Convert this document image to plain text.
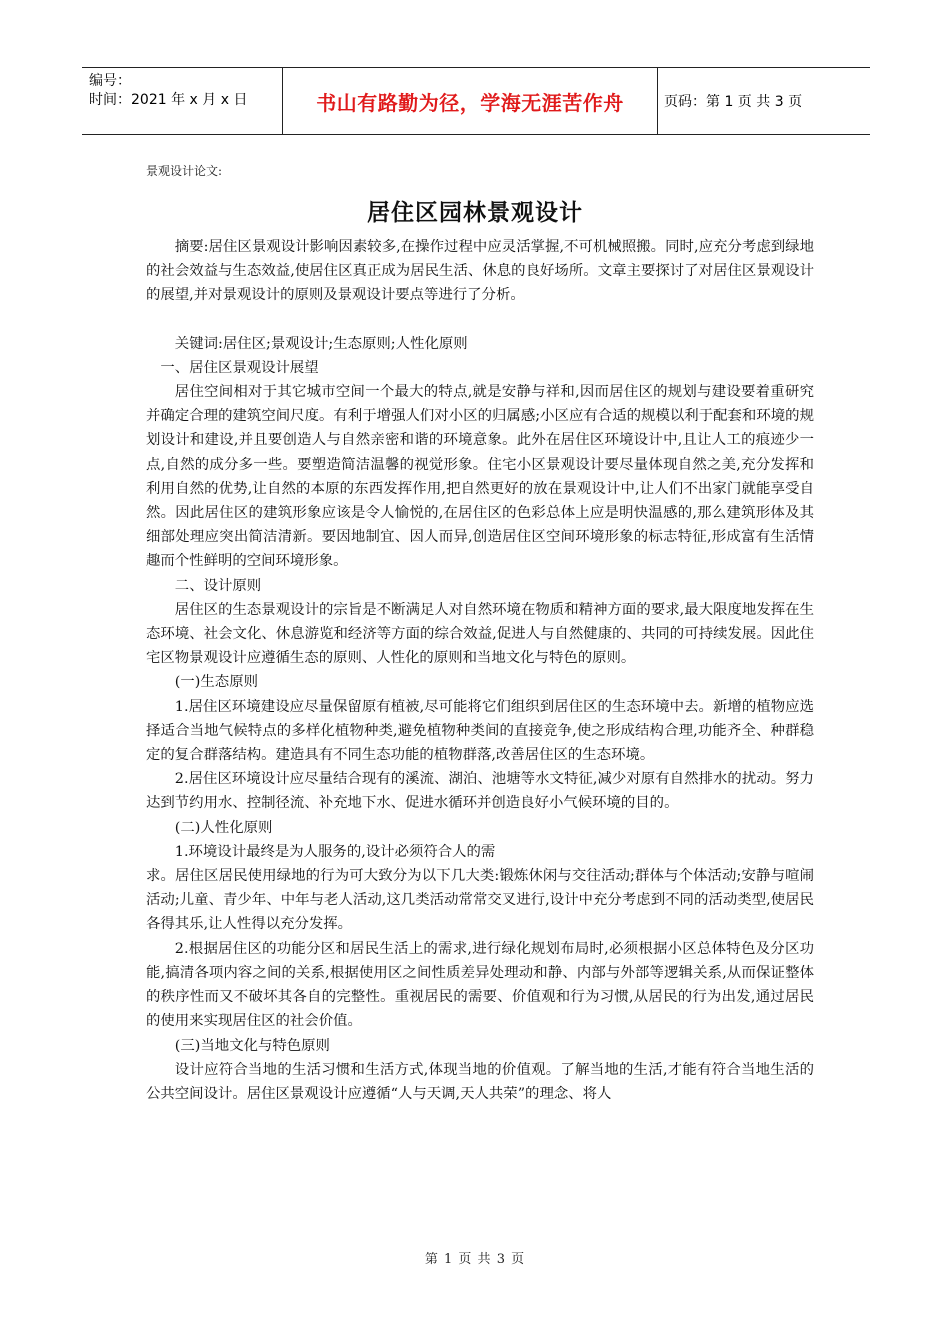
编号：
时间：2021 年 x 月 x 日	书山有路勤为径，学海无涯苦作舟	页码：第 1 页 共 3 页
景观设计论文:
居住区园林景观设计

摘要:居住区景观设计影响因素较多,在操作过程中应灵活掌握,不可机械照搬。同时,应充分考虑到绿地的社会效益与生态效益,使居住区真正成为居民生活、休息的良好场所。文章主要探讨了对居住区景观设计的展望,并对景观设计的原则及景观设计要点等进行了分析。

关键词:居住区;景观设计;生态原则;人性化原则

一、居住区景观设计展望

居住空间相对于其它城市空间一个最大的特点,就是安静与祥和,因而居住区的规划与建设要着重研究并确定合理的建筑空间尺度。有利于增强人们对小区的归属感;小区应有合适的规模以利于配套和环境的规划设计和建设,并且要创造人与自然亲密和谐的环境意象。此外在居住区环境设计中,且让人工的痕迹少一点,自然的成分多一些。要塑造简洁温馨的视觉形象。住宅小区景观设计要尽量体现自然之美,充分发挥和利用自然的优势,让自然的本原的东西发挥作用,把自然更好的放在景观设计中,让人们不出家门就能享受自然。因此居住区的建筑形象应该是令人愉悦的,在居住区的色彩总体上应是明快温感的,那么建筑形体及其细部处理应突出简洁清新。要因地制宜、因人而异,创造居住区空间环境形象的标志特征,形成富有生活情趣而个性鲜明的空间环境形象。

二、设计原则

居住区的生态景观设计的宗旨是不断满足人对自然环境在物质和精神方面的要求,最大限度地发挥在生态环境、社会文化、休息游览和经济等方面的综合效益,促进人与自然健康的、共同的可持续发展。因此住宅区物景观设计应遵循生态的原则、人性化的原则和当地文化与特色的原则。

(一)生态原则

1.居住区环境建设应尽量保留原有植被,尽可能将它们组织到居住区的生态环境中去。新增的植物应选择适合当地气候特点的多样化植物种类,避免植物种类间的直接竞争,使之形成结构合理,功能齐全、种群稳定的复合群落结构。建造具有不同生态功能的植物群落,改善居住区的生态环境。

2.居住区环境设计应尽量结合现有的溪流、湖泊、池塘等水文特征,减少对原有自然排水的扰动。努力达到节约用水、控制径流、补充地下水、促进水循环并创造良好小气候环境的目的。

(二)人性化原则

1.环境设计最终是为人服务的,设计必须符合人的需

求。居住区居民使用绿地的行为可大致分为以下几大类:锻炼休闲与交往活动;群体与个体活动;安静与喧闹活动;儿童、青少年、中年与老人活动,这几类活动常常交叉进行,设计中充分考虑到不同的活动类型,使居民各得其乐,让人性得以充分发挥。

2.根据居住区的功能分区和居民生活上的需求,进行绿化规划布局时,必须根据小区总体特色及分区功能,搞清各项内容之间的关系,根据使用区之间性质差异处理动和静、内部与外部等逻辑关系,从而保证整体的秩序性而又不破坏其各自的完整性。重视居民的需要、价值观和行为习惯,从居民的行为出发,通过居民的使用来实现居住区的社会价值。

(三)当地文化与特色原则

设计应符合当地的生活习惯和生活方式,体现当地的价值观。了解当地的生活,才能有符合当地生活的公共空间设计。居住区景观设计应遵循“人与天调,天人共荣”的理念、将人

第 1 页 共 3 页
